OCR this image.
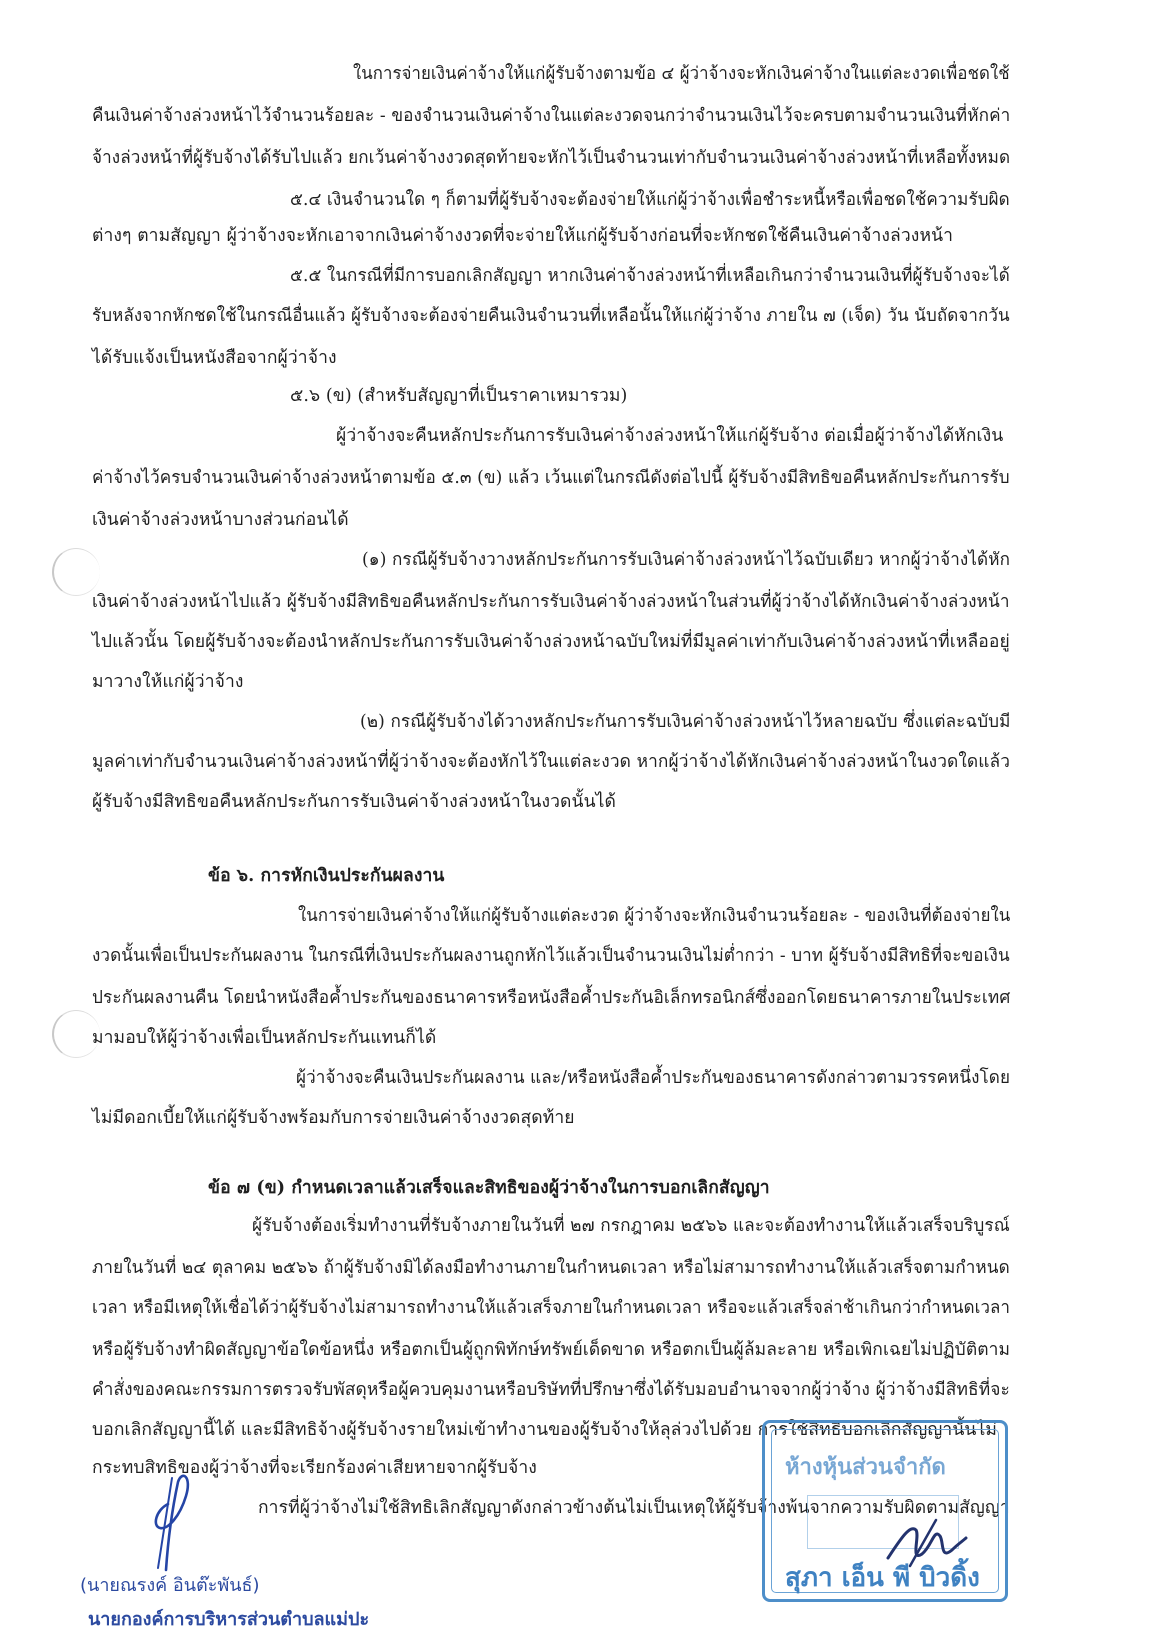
ในการจ่ายเงินค่าจ้างให้แก่ผู้รับจ้างตามข้อ ๔ ผู้ว่าจ้างจะหักเงินค่าจ้างในแต่ละงวดเพื่อชดใช้
คืนเงินค่าจ้างล่วงหน้าไว้จำนวนร้อยละ - ของจำนวนเงินค่าจ้างในแต่ละงวดจนกว่าจำนวนเงินไว้จะครบตามจำนวนเงินที่หักค่า
จ้างล่วงหน้าที่ผู้รับจ้างได้รับไปแล้ว ยกเว้นค่าจ้างงวดสุดท้ายจะหักไว้เป็นจำนวนเท่ากับจำนวนเงินค่าจ้างล่วงหน้าที่เหลือทั้งหมด
๕.๔ เงินจำนวนใด ๆ ก็ตามที่ผู้รับจ้างจะต้องจ่ายให้แก่ผู้ว่าจ้างเพื่อชำระหนี้หรือเพื่อชดใช้ความรับผิด
ต่างๆ ตามสัญญา ผู้ว่าจ้างจะหักเอาจากเงินค่าจ้างงวดที่จะจ่ายให้แก่ผู้รับจ้างก่อนที่จะหักชดใช้คืนเงินค่าจ้างล่วงหน้า
๕.๕ ในกรณีที่มีการบอกเลิกสัญญา หากเงินค่าจ้างล่วงหน้าที่เหลือเกินกว่าจำนวนเงินที่ผู้รับจ้างจะได้
รับหลังจากหักชดใช้ในกรณีอื่นแล้ว ผู้รับจ้างจะต้องจ่ายคืนเงินจำนวนที่เหลือนั้นให้แก่ผู้ว่าจ้าง ภายใน ๗ (เจ็ด) วัน นับถัดจากวัน
ได้รับแจ้งเป็นหนังสือจากผู้ว่าจ้าง
๕.๖ (ข) (สำหรับสัญญาที่เป็นราคาเหมารวม)
ผู้ว่าจ้างจะคืนหลักประกันการรับเงินค่าจ้างล่วงหน้าให้แก่ผู้รับจ้าง ต่อเมื่อผู้ว่าจ้างได้หักเงิน
ค่าจ้างไว้ครบจำนวนเงินค่าจ้างล่วงหน้าตามข้อ ๕.๓ (ข) แล้ว เว้นแต่ในกรณีดังต่อไปนี้ ผู้รับจ้างมีสิทธิขอคืนหลักประกันการรับ
เงินค่าจ้างล่วงหน้าบางส่วนก่อนได้
(๑) กรณีผู้รับจ้างวางหลักประกันการรับเงินค่าจ้างล่วงหน้าไว้ฉบับเดียว หากผู้ว่าจ้างได้หัก
เงินค่าจ้างล่วงหน้าไปแล้ว ผู้รับจ้างมีสิทธิขอคืนหลักประกันการรับเงินค่าจ้างล่วงหน้าในส่วนที่ผู้ว่าจ้างได้หักเงินค่าจ้างล่วงหน้า
ไปแล้วนั้น โดยผู้รับจ้างจะต้องนำหลักประกันการรับเงินค่าจ้างล่วงหน้าฉบับใหม่ที่มีมูลค่าเท่ากับเงินค่าจ้างล่วงหน้าที่เหลืออยู่
มาวางให้แก่ผู้ว่าจ้าง
(๒) กรณีผู้รับจ้างได้วางหลักประกันการรับเงินค่าจ้างล่วงหน้าไว้หลายฉบับ ซึ่งแต่ละฉบับมี
มูลค่าเท่ากับจำนวนเงินค่าจ้างล่วงหน้าที่ผู้ว่าจ้างจะต้องหักไว้ในแต่ละงวด หากผู้ว่าจ้างได้หักเงินค่าจ้างล่วงหน้าในงวดใดแล้ว
ผู้รับจ้างมีสิทธิขอคืนหลักประกันการรับเงินค่าจ้างล่วงหน้าในงวดนั้นได้
ข้อ ๖. การหักเงินประกันผลงาน
ในการจ่ายเงินค่าจ้างให้แก่ผู้รับจ้างแต่ละงวด ผู้ว่าจ้างจะหักเงินจำนวนร้อยละ - ของเงินที่ต้องจ่ายใน
งวดนั้นเพื่อเป็นประกันผลงาน ในกรณีที่เงินประกันผลงานถูกหักไว้แล้วเป็นจำนวนเงินไม่ต่ำกว่า - บาท ผู้รับจ้างมีสิทธิที่จะขอเงิน
ประกันผลงานคืน โดยนำหนังสือค้ำประกันของธนาคารหรือหนังสือค้ำประกันอิเล็กทรอนิกส์ซึ่งออกโดยธนาคารภายในประเทศ
มามอบให้ผู้ว่าจ้างเพื่อเป็นหลักประกันแทนก็ได้
ผู้ว่าจ้างจะคืนเงินประกันผลงาน และ/หรือหนังสือค้ำประกันของธนาคารดังกล่าวตามวรรคหนึ่งโดย
ไม่มีดอกเบี้ยให้แก่ผู้รับจ้างพร้อมกับการจ่ายเงินค่าจ้างงวดสุดท้าย
ข้อ ๗ (ข) กำหนดเวลาแล้วเสร็จและสิทธิของผู้ว่าจ้างในการบอกเลิกสัญญา
ผู้รับจ้างต้องเริ่มทำงานที่รับจ้างภายในวันที่ ๒๗ กรกฎาคม ๒๕๖๖ และจะต้องทำงานให้แล้วเสร็จบริบูรณ์
ภายในวันที่ ๒๔ ตุลาคม ๒๕๖๖ ถ้าผู้รับจ้างมิได้ลงมือทำงานภายในกำหนดเวลา หรือไม่สามารถทำงานให้แล้วเสร็จตามกำหนด
เวลา หรือมีเหตุให้เชื่อได้ว่าผู้รับจ้างไม่สามารถทำงานให้แล้วเสร็จภายในกำหนดเวลา หรือจะแล้วเสร็จล่าช้าเกินกว่ากำหนดเวลา
หรือผู้รับจ้างทำผิดสัญญาข้อใดข้อหนึ่ง หรือตกเป็นผู้ถูกพิทักษ์ทรัพย์เด็ดขาด หรือตกเป็นผู้ล้มละลาย หรือเพิกเฉยไม่ปฏิบัติตาม
คำสั่งของคณะกรรมการตรวจรับพัสดุหรือผู้ควบคุมงานหรือบริษัทที่ปรึกษาซึ่งได้รับมอบอำนาจจากผู้ว่าจ้าง ผู้ว่าจ้างมีสิทธิที่จะ
บอกเลิกสัญญานี้ได้ และมีสิทธิจ้างผู้รับจ้างรายใหม่เข้าทำงานของผู้รับจ้างให้ลุล่วงไปด้วย การใช้สิทธิบอกเลิกสัญญานั้นไม่
กระทบสิทธิของผู้ว่าจ้างที่จะเรียกร้องค่าเสียหายจากผู้รับจ้าง
การที่ผู้ว่าจ้างไม่ใช้สิทธิเลิกสัญญาดังกล่าวข้างต้นไม่เป็นเหตุให้ผู้รับจ้างพ้นจากความรับผิดตามสัญญา
ห้างหุ้นส่วนจำกัด
สุภา เอ็น พี บิวดิ้ง
(นายณรงค์ อินต๊ะพันธ์)
นายกองค์การบริหารส่วนตำบลแม่ปะ
